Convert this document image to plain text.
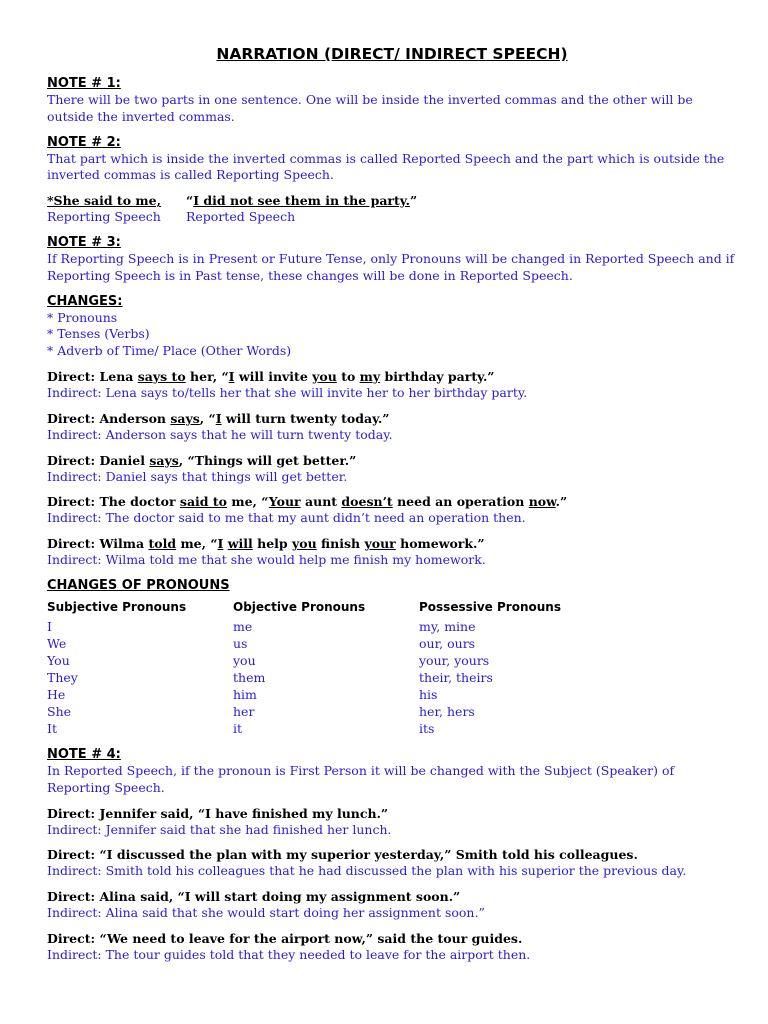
NARRATION (DIRECT/ INDIRECT SPEECH)
NOTE # 1:
There will be two parts in one sentence. One will be inside the inverted commas and the other will be outside the inverted commas.
NOTE # 2:
That part which is inside the inverted commas is called Reported Speech and the part which is outside the inverted commas is called Reporting Speech.
*She said to me,	“I did not see them in the party.”
Reporting Speech	Reported Speech
NOTE # 3:
If Reporting Speech is in Present or Future Tense, only Pronouns will be changed in Reported Speech and if Reporting Speech is in Past tense, these changes will be done in Reported Speech.
CHANGES:
* Pronouns
* Tenses (Verbs)
* Adverb of Time/ Place (Other Words)
Direct: Lena says to her, “I will invite you to my birthday party.”
Indirect: Lena says to/tells her that she will invite her to her birthday party.
Direct: Anderson says, “I will turn twenty today.”
Indirect: Anderson says that he will turn twenty today.
Direct: Daniel says, “Things will get better.”
Indirect: Daniel says that things will get better.
Direct: The doctor said to me, “Your aunt doesn’t need an operation now.”
Indirect: The doctor said to me that my aunt didn’t need an operation then.
Direct: Wilma told me, “I will help you finish your homework.”
Indirect: Wilma told me that she would help me finish my homework.
CHANGES OF PRONOUNS
Subjective Pronouns	Objective Pronouns	Possessive Pronouns
I	me	my, mine
We	us	our, ours
You	you	your, yours
They	them	their, theirs
He	him	his
She	her	her, hers
It	it	its
NOTE # 4:
In Reported Speech, if the pronoun is First Person it will be changed with the Subject (Speaker) of Reporting Speech.
Direct: Jennifer said, “I have finished my lunch.”
Indirect: Jennifer said that she had finished her lunch.
Direct: “I discussed the plan with my superior yesterday,” Smith told his colleagues.
Indirect: Smith told his colleagues that he had discussed the plan with his superior the previous day.
Direct: Alina said, “I will start doing my assignment soon.”
Indirect: Alina said that she would start doing her assignment soon.”
Direct: “We need to leave for the airport now,” said the tour guides.
Indirect: The tour guides told that they needed to leave for the airport then.
